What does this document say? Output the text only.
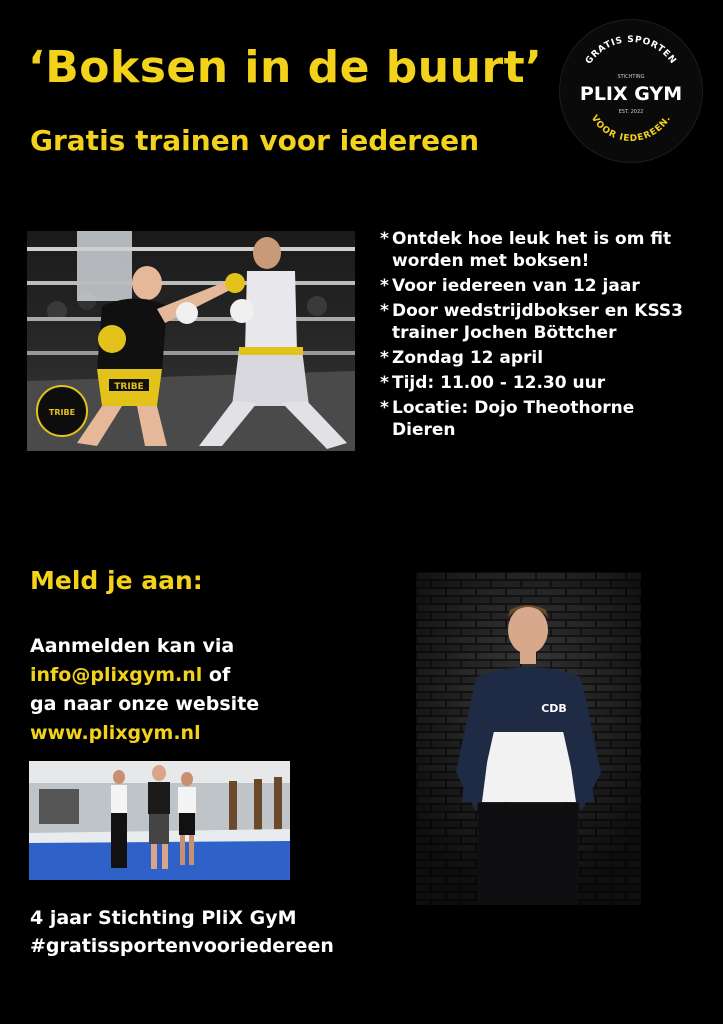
‘Boksen in de buurt’
Gratis trainen voor iedereen
GRATIS SPORTEN
STICHTING
PLIX GYM
EST. 2022
VOOR IEDEREEN.
TRIBE
TRIBE
* Ontdek hoe leuk het is om fit
worden met boksen!
* Voor iedereen van 12 jaar
* Door wedstrijdbokser en KSS3
trainer Jochen Böttcher
* Zondag 12 april
* Tijd: 11.00 - 12.30 uur
* Locatie: Dojo Theothorne
Dieren
Meld je aan:
Aanmelden kan via
info@plixgym.nl of
ga naar onze website
www.plixgym.nl
CDB
4 jaar Stichting PliX GyM
#gratissportenvooriedereen
